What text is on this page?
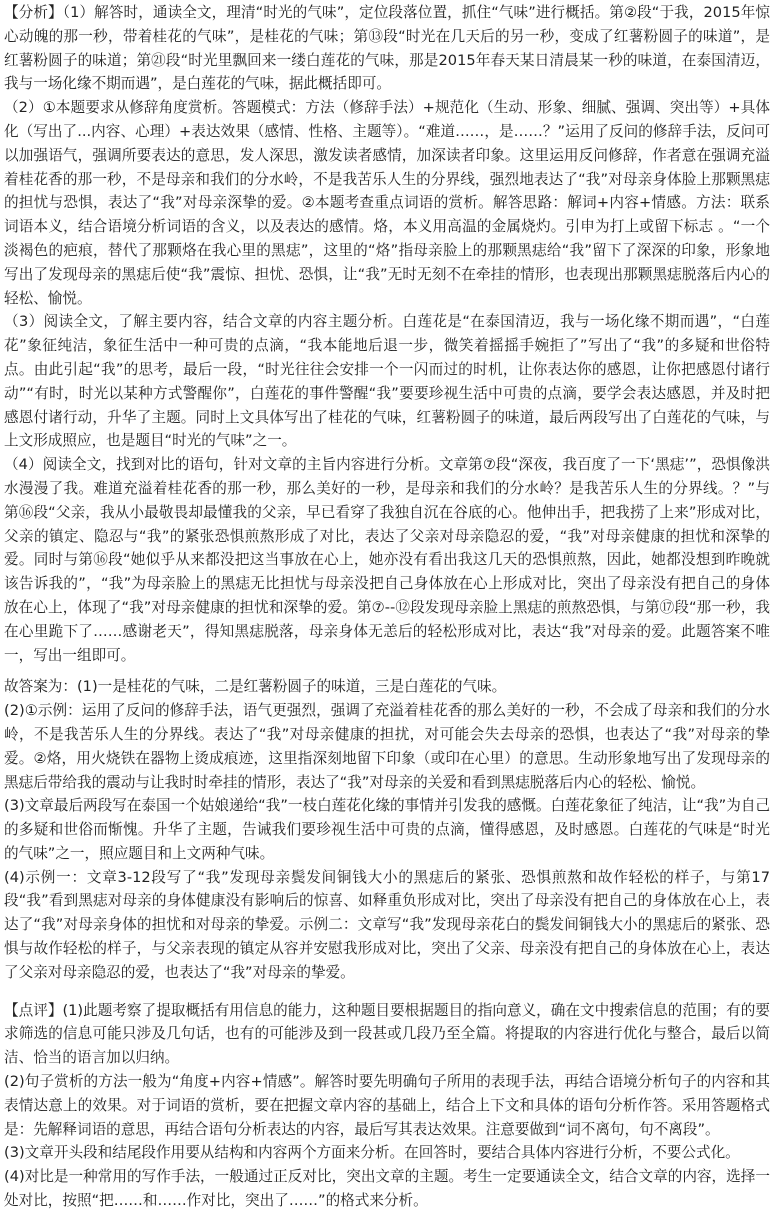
【分析】（1）解答时，通读全文，理清“时光的气味”，定位段落位置，抓住“气味”进行概括。第②段“于我，2015年惊心动魄的那一秒，带着桂花的气味”，是桂花的气味；第⑬段“时光在几天后的另一秒，变成了红薯粉圆子的味道”，是红薯粉圆子的味道；第㉑段“时光里飘回来一缕白莲花的气味，那是2015年春天某日清晨某一秒的味道，在泰国清迈，我与一场化缘不期而遇”，是白莲花的气味，据此概括即可。

（2）①本题要求从修辞角度赏析。答题模式：方法（修辞手法）+规范化（生动、形象、细腻、强调、突出等）+具体化（写出了...内容、心理）+表达效果（感情、性格、主题等）。“难道……，是……？”运用了反问的修辞手法，反问可以加强语气，强调所要表达的意思，发人深思，激发读者感情，加深读者印象。这里运用反问修辞，作者意在强调充溢着桂花香的那一秒，不是母亲和我们的分水岭，不是我苦乐人生的分界线，强烈地表达了“我”对母亲身体脸上那颗黑痣的担忧与恐惧，表达了“我”对母亲深挚的爱。②本题考查重点词语的赏析。解答思路：解词+内容+情感。方法：联系词语本义，结合语境分析词语的含义，以及表达的感情。烙，本义用高温的金属烧灼。引申为打上或留下标志 。“一个淡褐色的疤痕，替代了那颗烙在我心里的黑痣”，这里的“烙”指母亲脸上的那颗黑痣给“我”留下了深深的印象，形象地写出了发现母亲的黑痣后使“我”震惊、担忧、恐惧，让“我”无时无刻不在牵挂的情形，也表现出那颗黑痣脱落后内心的轻松、愉悦。

（3）阅读全文，了解主要内容，结合文章的内容主题分析。白莲花是“在泰国清迈，我与一场化缘不期而遇”，“白莲花”象征纯洁，象征生活中一种可贵的点滴，“我本能地后退一步，微笑着摇摇手婉拒了”写出了“我”的多疑和世俗特点。由此引起“我”的思考，最后一段，“时光往往会安排一个一闪而过的时机，让你表达你的感恩，让你把感恩付诸行动”“有时，时光以某种方式警醒你”，白莲花的事件警醒“我”要要珍视生活中可贵的点滴，要学会表达感恩，并及时把感恩付诸行动，升华了主题。同时上文具体写出了桂花的气味，红薯粉圆子的味道，最后两段写出了白莲花的气味，与上文形成照应，也是题目“时光的气味”之一。

（4）阅读全文，找到对比的语句，针对文章的主旨内容进行分析。文章第⑦段“深夜，我百度了一下‘黑痣’”，恐惧像洪水漫漫了我。难道充溢着桂花香的那一秒，那么美好的一秒，是母亲和我们的分水岭？是我苦乐人生的分界线。？”与第⑯段“父亲，我从小最敬畏却最懂我的父亲，早已看穿了我独自沉在谷底的心。他伸出手，把我捞了上来”形成对比，父亲的镇定、隐忍与“我”的紧张恐惧煎熬形成了对比，表达了父亲对母亲隐忍的爱，“我”对母亲健康的担忧和深挚的爱。同时与第⑯段“她似乎从来都没把这当事放在心上，她亦没有看出我这几天的恐惧煎熬，因此，她都没想到昨晚就该告诉我的”，“我”为母亲脸上的黑痣无比担忧与母亲没把自己身体放在心上形成对比，突出了母亲没有把自己的身体放在心上，体现了“我”对母亲健康的担忧和深挚的爱。第⑦--⑫段发现母亲脸上黑痣的煎熬恐惧，与第⑰段“那一秒，我在心里跪下了……感谢老天”，得知黑痣脱落，母亲身体无恙后的轻松形成对比，表达“我”对母亲的爱。此题答案不唯一，写出一组即可。

故答案为：(1)一是桂花的气味，二是红薯粉圆子的味道，三是白莲花的气味。

(2)①示例：运用了反问的修辞手法，语气更强烈，强调了充溢着桂花香的那么美好的一秒，不会成了母亲和我们的分水岭，不是我苦乐人生的分界线。表达了“我”对母亲健康的担扰，对可能会失去母亲的恐惧，也表达了“我”对母亲的挚爱。②烙，用火烧铁在器物上烫成痕迹，这里指深刻地留下印象（或印在心里）的意思。生动形象地写出了发现母亲的黑痣后带给我的震动与让我时时牵挂的情形，表达了“我”对母亲的关爱和看到黑痣脱落后内心的轻松、愉悦。

(3)文章最后两段写在泰国一个姑娘递给“我”一枝白莲花化缘的事情并引发我的感慨。白莲花象征了纯洁，让“我”为自己的多疑和世俗而惭愧。升华了主题，告诫我们要珍视生活中可贵的点滴，懂得感恩，及时感恩。白莲花的气味是“时光的气味”之一，照应题目和上文两种气味。

(4)示例一：文章3-12段写了“我”发现母亲鬓发间铜钱大小的黑痣后的紧张、恐惧煎熬和故作轻松的样子，与第17段“我”看到黑痣对母亲的身体健康没有影响后的惊喜、如释重负形成对比，突出了母亲没有把自己的身体放在心上，表达了“我”对母亲身体的担忧和对母亲的挚爱。示例二：文章写“我”发现母亲花白的鬓发间铜钱大小的黑痣后的紧张、恐惧与故作轻松的样子，与父亲表现的镇定从容并安慰我形成对比，突出了父亲、母亲没有把自己的身体放在心上，表达了父亲对母亲隐忍的爱，也表达了“我”对母亲的挚爱。

【点评】(1)此题考察了提取概括有用信息的能力，这种题目要根据题目的指向意义，确在文中搜索信息的范围；有的要求筛选的信息可能只涉及几句话，也有的可能涉及到一段甚或几段乃至全篇。将提取的内容进行优化与整合，最后以简洁、恰当的语言加以归纳。

(2)句子赏析的方法一般为“角度+内容+情感”。解答时要先明确句子所用的表现手法，再结合语境分析句子的内容和其表情达意上的效果。对于词语的赏析，要在把握文章内容的基础上，结合上下文和具体的语句分析作答。采用答题格式是：先解释词语的意思，再结合语句分析表达的内容，最后写其表达效果。注意要做到“词不离句，句不离段”。

(3)文章开头段和结尾段作用要从结构和内容两个方面来分析。在回答时，要结合具体内容进行分析，不要公式化。

(4)对比是一种常用的写作手法，一般通过正反对比，突出文章的主题。考生一定要通读全文，结合文章的内容，选择一处对比，按照“把……和……作对比，突出了……”的格式来分析。
